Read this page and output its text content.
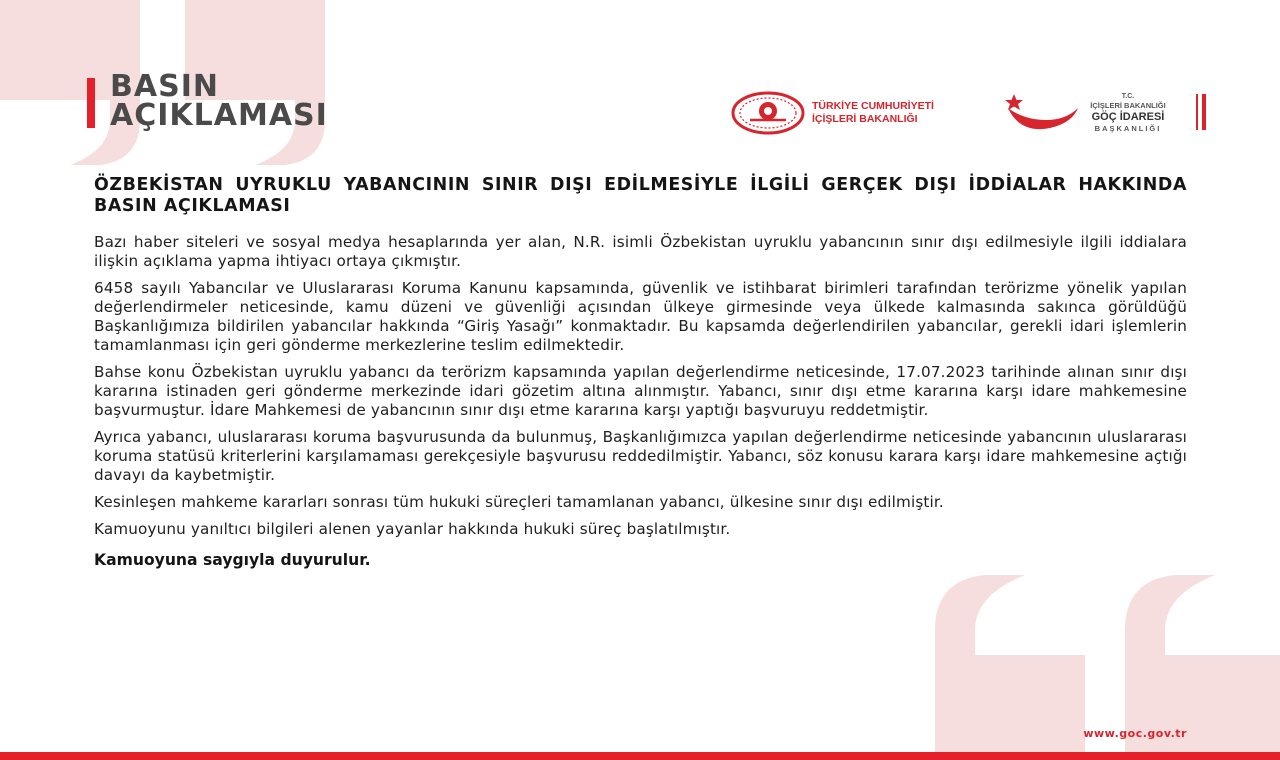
BASIN
AÇIKLAMASI	TÜRKİYE CUMHURİYETİ
İÇİŞLERİ BAKANLIĞI
T.C.
İÇİŞLERİ BAKANLIĞI
GÖÇ İDARESİ
BAŞKANLIĞI
ÖZBEKİSTAN UYRUKLU YABANCININ SINIR DIŞI EDİLMESİYLE İLGİLİ GERÇEK DIŞI İDDİALAR HAKKINDA BASIN AÇIKLAMASI

Bazı haber siteleri ve sosyal medya hesaplarında yer alan, N.R. isimli Özbekistan uyruklu yabancının sınır dışı edilmesiyle ilgili iddialara ilişkin açıklama yapma ihtiyacı ortaya çıkmıştır.

6458 sayılı Yabancılar ve Uluslararası Koruma Kanunu kapsamında, güvenlik ve istihbarat birimleri tarafından terörizme yönelik yapılan değerlendirmeler neticesinde, kamu düzeni ve güvenliği açısından ülkeye girmesinde veya ülkede kalmasında sakınca görüldüğü Başkanlığımıza bildirilen yabancılar hakkında “Giriş Yasağı” konmaktadır. Bu kapsamda değerlendirilen yabancılar, gerekli idari işlemlerin tamamlanması için geri gönderme merkezlerine teslim edilmektedir.

Bahse konu Özbekistan uyruklu yabancı da terörizm kapsamında yapılan değerlendirme neticesinde, 17.07.2023 tarihinde alınan sınır dışı kararına istinaden geri gönderme merkezinde idari gözetim altına alınmıştır. Yabancı, sınır dışı etme kararına karşı idare mahkemesine başvurmuştur. İdare Mahkemesi de yabancının sınır dışı etme kararına karşı yaptığı başvuruyu reddetmiştir.

Ayrıca yabancı, uluslararası koruma başvurusunda da bulunmuş, Başkanlığımızca yapılan değerlendirme neticesinde yabancının uluslararası koruma statüsü kriterlerini karşılamaması gerekçesiyle başvurusu reddedilmiştir. Yabancı, söz konusu karara karşı idare mahkemesine açtığı davayı da kaybetmiştir.

Kesinleşen mahkeme kararları sonrası tüm hukuki süreçleri tamamlanan yabancı, ülkesine sınır dışı edilmiştir.

Kamuoyunu yanıltıcı bilgileri alenen yayanlar hakkında hukuki süreç başlatılmıştır.

Kamuoyuna saygıyla duyurulur.

www.goc.gov.tr
